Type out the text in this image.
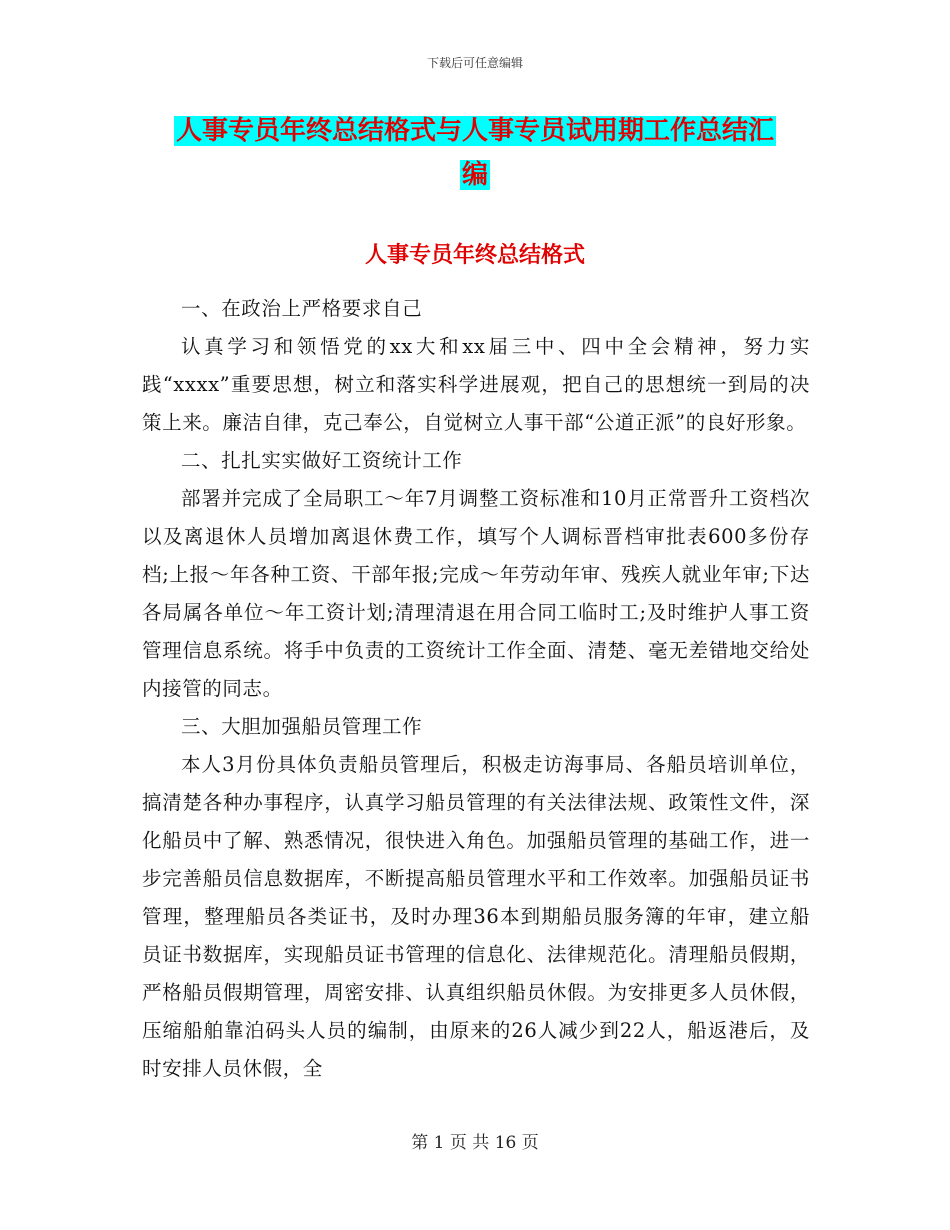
下载后可任意编辑
人事专员年终总结格式与人事专员试用期工作总结汇
编
人事专员年终总结格式

一、在政治上严格要求自己

认真学习和领悟党的xx大和xx届三中、四中全会精神，努力实践“xxxx”重要思想，树立和落实科学进展观，把自己的思想统一到局的决策上来。廉洁自律，克己奉公，自觉树立人事干部“公道正派”的良好形象。

二、扎扎实实做好工资统计工作

部署并完成了全局职工～年7月调整工资标准和10月正常晋升工资档次以及离退休人员增加离退休费工作，填写个人调标晋档审批表600多份存档;上报～年各种工资、干部年报;完成～年劳动年审、残疾人就业年审;下达各局属各单位～年工资计划;清理清退在用合同工临时工;及时维护人事工资管理信息系统。将手中负责的工资统计工作全面、清楚、毫无差错地交给处内接管的同志。

三、大胆加强船员管理工作

本人3月份具体负责船员管理后，积极走访海事局、各船员培训单位，搞清楚各种办事程序，认真学习船员管理的有关法律法规、政策性文件，深化船员中了解、熟悉情况，很快进入角色。加强船员管理的基础工作，进一步完善船员信息数据库，不断提高船员管理水平和工作效率。加强船员证书管理，整理船员各类证书，及时办理36本到期船员服务簿的年审，建立船员证书数据库，实现船员证书管理的信息化、法律规范化。清理船员假期，严格船员假期管理，周密安排、认真组织船员休假。为安排更多人员休假，压缩船舶靠泊码头人员的编制，由原来的26人减少到22人，船返港后，及时安排人员休假，全

第 1 页 共 16 页
